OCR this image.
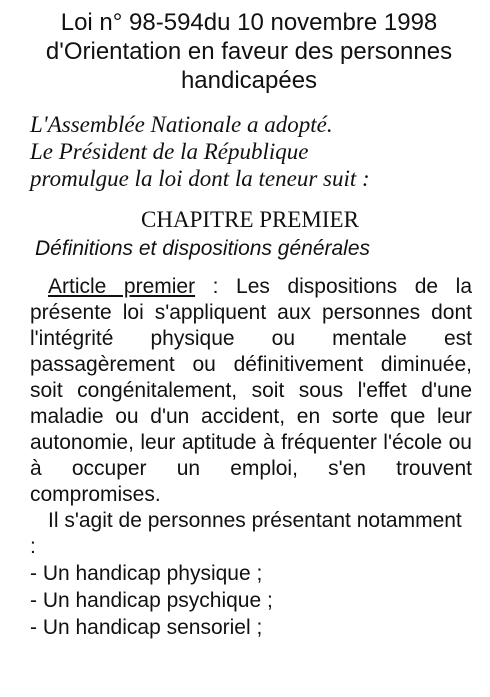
Loi n° 98-594du 10 novembre 1998
d'Orientation en faveur des personnes
handicapées
L'Assemblée Nationale a adopté.
Le Président de la République
promulgue la loi dont la teneur suit :
CHAPITRE PREMIER
Définitions et dispositions générales
Article premier : Les dispositions de la présente loi s'appliquent aux personnes dont l'intégrité physique ou mentale est passagèrement ou définitivement diminuée, soit congénitalement, soit sous l'effet d'une maladie ou d'un accident, en sorte que leur autonomie, leur aptitude à fréquenter l'école ou à occuper un emploi, s'en trouvent compromises.
Il s'agit de personnes présentant notamment :
- Un handicap physique ;
- Un handicap psychique ;
- Un handicap sensoriel ;
